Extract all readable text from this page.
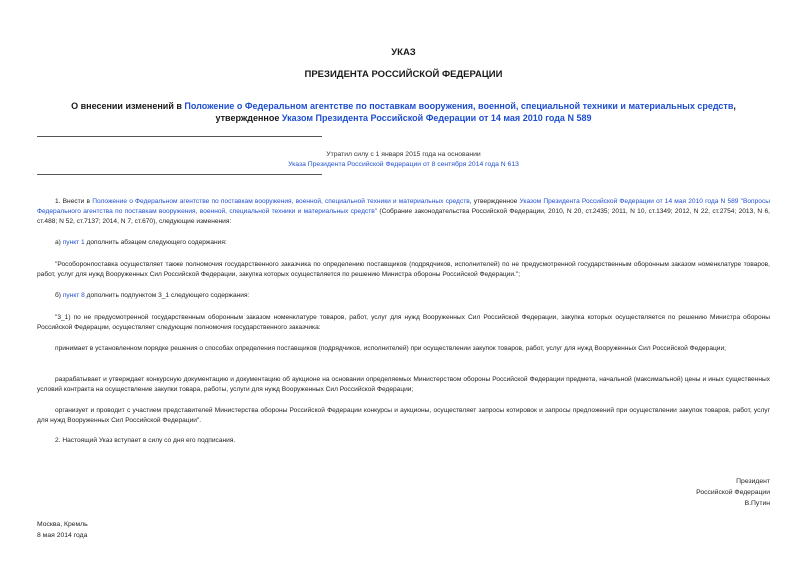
УКАЗ
ПРЕЗИДЕНТА РОССИЙСКОЙ ФЕДЕРАЦИИ
О внесении изменений в Положение о Федеральном агентстве по поставкам вооружения, военной, специальной техники и материальных средств, утвержденное Указом Президента Российской Федерации от 14 мая 2010 года N 589
Утратил силу с 1 января 2015 года на основании
Указа Президента Российской Федерации от 8 сентября 2014 года N 613
1. Внести в Положение о Федеральном агентстве по поставкам вооружения, военной, специальной техники и материальных средств, утвержденное Указом Президента Российской Федерации от 14 мая 2010 года N 589 "Вопросы Федерального агентства по поставкам вооружения, военной, специальной техники и материальных средств" (Собрание законодательства Российской Федерации, 2010, N 20, ст.2435; 2011, N 10, ст.1349; 2012, N 22, ст.2754; 2013, N 6, ст.488; N 52, ст.7137; 2014, N 7, ст.670), следующие изменения:
а) пункт 1 дополнить абзацем следующего содержания:
"Рособоронпоставка осуществляет также полномочия государственного заказчика по определению поставщиков (подрядчиков, исполнителей) по не предусмотренной государственным оборонным заказом номенклатуре товаров, работ, услуг для нужд Вооруженных Сил Российской Федерации, закупка которых осуществляется по решению Министра обороны Российской Федерации.";
б) пункт 8 дополнить подпунктом 3_1 следующего содержания:
"3_1) по не предусмотренной государственным оборонным заказом номенклатуре товаров, работ, услуг для нужд Вооруженных Сил Российской Федерации, закупка которых осуществляется по решению Министра обороны Российской Федерации, осуществляет следующие полномочия государственного заказчика:
принимает в установленном порядке решения о способах определения поставщиков (подрядчиков, исполнителей) при осуществлении закупок товаров, работ, услуг для нужд Вооруженных Сил Российской Федерации;
разрабатывает и утверждает конкурсную документацию и документацию об аукционе на основании определяемых Министерством обороны Российской Федерации предмета, начальной (максимальной) цены и иных существенных условий контракта на осуществление закупки товара, работы, услуги для нужд Вооруженных Сил Российской Федерации;
организует и проводит с участием представителей Министерства обороны Российской Федерации конкурсы и аукционы, осуществляет запросы котировок и запросы предложений при осуществлении закупок товаров, работ, услуг для нужд Вооруженных Сил Российской Федерации".
2. Настоящий Указ вступает в силу со дня его подписания.
Президент
Российской Федерации
В.Путин
Москва, Кремль
8 мая 2014 года
